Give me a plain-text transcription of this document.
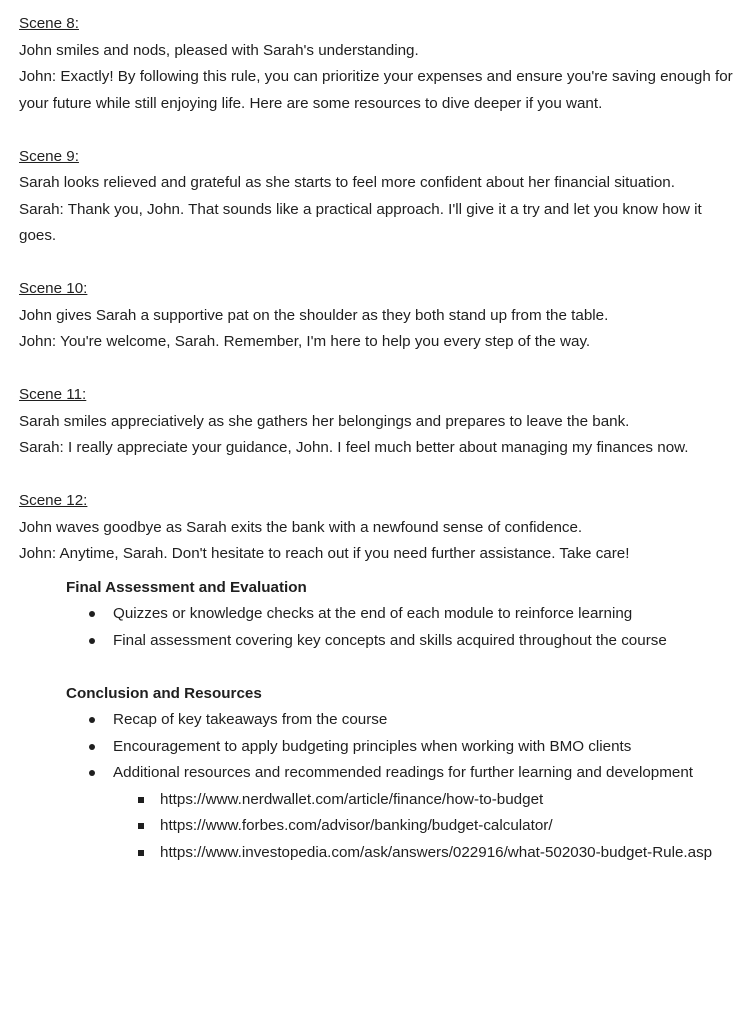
Scene 8:
John smiles and nods, pleased with Sarah's understanding.
John: Exactly! By following this rule, you can prioritize your expenses and ensure you're saving enough for your future while still enjoying life. Here are some resources to dive deeper if you want.
Scene 9:
Sarah looks relieved and grateful as she starts to feel more confident about her financial situation.
Sarah: Thank you, John. That sounds like a practical approach. I'll give it a try and let you know how it goes.
Scene 10:
John gives Sarah a supportive pat on the shoulder as they both stand up from the table.
John: You're welcome, Sarah. Remember, I'm here to help you every step of the way.
Scene 11:
Sarah smiles appreciatively as she gathers her belongings and prepares to leave the bank.
Sarah: I really appreciate your guidance, John. I feel much better about managing my finances now.
Scene 12:
John waves goodbye as Sarah exits the bank with a newfound sense of confidence.
John: Anytime, Sarah. Don't hesitate to reach out if you need further assistance. Take care!
Final Assessment and Evaluation
Quizzes or knowledge checks at the end of each module to reinforce learning
Final assessment covering key concepts and skills acquired throughout the course
Conclusion and Resources
Recap of key takeaways from the course
Encouragement to apply budgeting principles when working with BMO clients
Additional resources and recommended readings for further learning and development
https://www.nerdwallet.com/article/finance/how-to-budget
https://www.forbes.com/advisor/banking/budget-calculator/
https://www.investopedia.com/ask/answers/022916/what-502030-budget-Rule.asp
